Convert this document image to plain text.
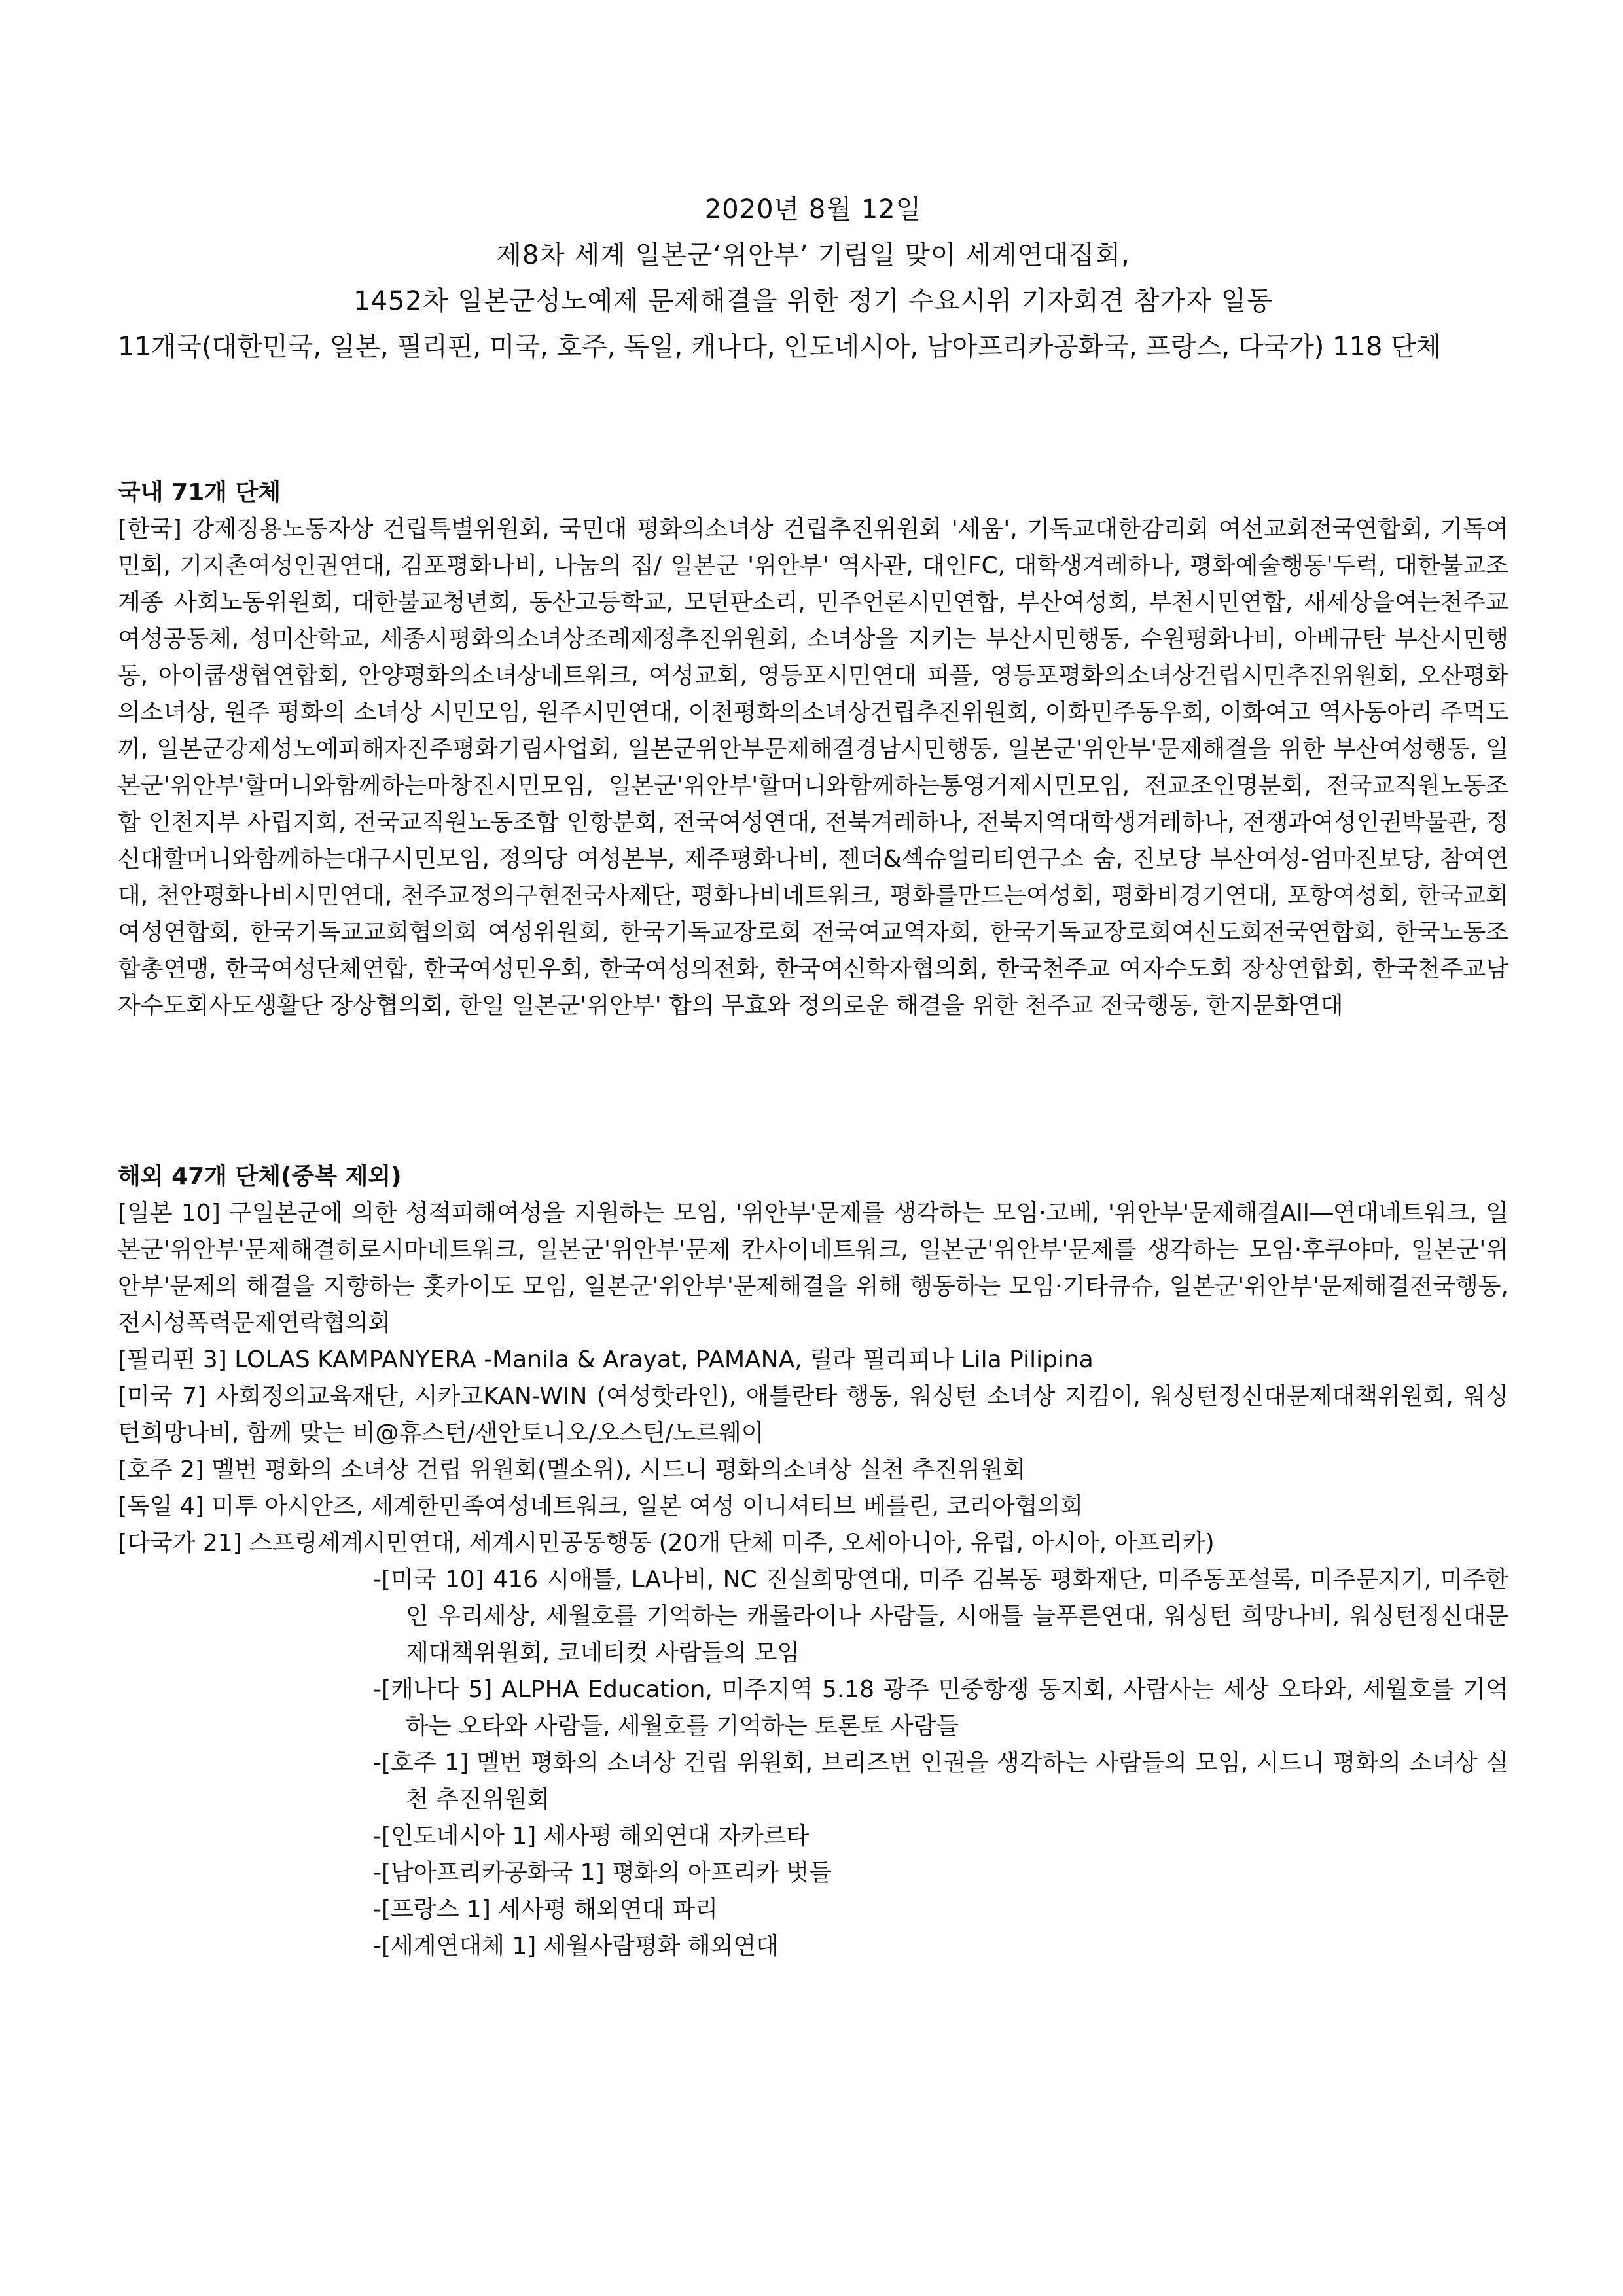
2020년 8월 12일
제8차 세계 일본군‘위안부’ 기림일 맞이 세계연대집회,
1452차 일본군성노예제 문제해결을 위한 정기 수요시위 기자회견 참가자 일동
11개국(대한민국, 일본, 필리핀, 미국, 호주, 독일, 캐나다, 인도네시아, 남아프리카공화국, 프랑스, 다국가) 118 단체
국내 71개 단체

[한국] 강제징용노동자상 건립특별위원회, 국민대 평화의소녀상 건립추진위원회 '세움', 기독교대한감리회 여선교회전국연합회, 기독여민회, 기지촌여성인권연대, 김포평화나비, 나눔의 집/ 일본군 '위안부' 역사관, 대인FC, 대학생겨레하나, 평화예술행동'두럭, 대한불교조계종 사회노동위원회, 대한불교청년회, 동산고등학교, 모던판소리, 민주언론시민연합, 부산여성회, 부천시민연합, 새세상을여는천주교 여성공동체, 성미산학교, 세종시평화의소녀상조례제정추진위원회, 소녀상을 지키는 부산시민행동, 수원평화나비, 아베규탄 부산시민행동, 아이쿱생협연합회, 안양평화의소녀상네트워크, 여성교회, 영등포시민연대 피플, 영등포평화의소녀상건립시민추진위원회, 오산평화의소녀상, 원주 평화의 소녀상 시민모임, 원주시민연대, 이천평화의소녀상건립추진위원회, 이화민주동우회, 이화여고 역사동아리 주먹도끼, 일본군강제성노예피해자진주평화기림사업회, 일본군위안부문제해결경남시민행동, 일본군'위안부'문제해결을 위한 부산여성행동, 일본군'위안부'할머니와함께하는마창진시민모임, 일본군'위안부'할머니와함께하는통영거제시민모임, 전교조인명분회, 전국교직원노동조합 인천지부 사립지회, 전국교직원노동조합 인항분회, 전국여성연대, 전북겨레하나, 전북지역대학생겨레하나, 전쟁과여성인권박물관, 정신대할머니와함께하는대구시민모임, 정의당 여성본부, 제주평화나비, 젠더&섹슈얼리티연구소 숨, 진보당 부산여성-엄마진보당, 참여연대, 천안평화나비시민연대, 천주교정의구현전국사제단, 평화나비네트워크, 평화를만드는여성회, 평화비경기연대, 포항여성회, 한국교회여성연합회, 한국기독교교회협의회 여성위원회, 한국기독교장로회 전국여교역자회, 한국기독교장로회여신도회전국연합회, 한국노동조합총연맹, 한국여성단체연합, 한국여성민우회, 한국여성의전화, 한국여신학자협의회, 한국천주교 여자수도회 장상연합회, 한국천주교남자수도회사도생활단 장상협의회, 한일 일본군'위안부' 합의 무효와 정의로운 해결을 위한 천주교 전국행동, 한지문화연대

해외 47개 단체(중복 제외)

[일본 10] 구일본군에 의한 성적피해여성을 지원하는 모임, '위안부'문제를 생각하는 모임·고베, '위안부'문제해결All―연대네트워크, 일본군'위안부'문제해결히로시마네트워크, 일본군'위안부'문제 칸사이네트워크, 일본군'위안부'문제를 생각하는 모임·후쿠야마, 일본군'위안부'문제의 해결을 지향하는 홋카이도 모임, 일본군'위안부'문제해결을 위해 행동하는 모임·기타큐슈, 일본군'위안부'문제해결전국행동, 전시성폭력문제연락협의회

[필리핀 3] LOLAS KAMPANYERA -Manila & Arayat, PAMANA, 릴라 필리피나 Lila Pilipina

[미국 7] 사회정의교육재단, 시카고KAN-WIN (여성핫라인), 애틀란타 행동, 워싱턴 소녀상 지킴이, 워싱턴정신대문제대책위원회, 워싱턴희망나비, 함께 맞는 비@휴스턴/샌안토니오/오스틴/노르웨이

[호주 2] 멜번 평화의 소녀상 건립 위원회(멜소위), 시드니 평화의소녀상 실천 추진위원회

[독일 4] 미투 아시안즈, 세계한민족여성네트워크, 일본 여성 이니셔티브 베를린, 코리아협의회

[다국가 21] 스프링세계시민연대, 세계시민공동행동 (20개 단체 미주, 오세아니아, 유럽, 아시아, 아프리카)

-[미국 10] 416 시애틀, LA나비, NC 진실희망연대, 미주 김복동 평화재단, 미주동포설록, 미주문지기, 미주한인 우리세상, 세월호를 기억하는 캐롤라이나 사람들, 시애틀 늘푸른연대, 워싱턴 희망나비, 워싱턴정신대문제대책위원회, 코네티컷 사람들의 모임
-[캐나다 5] ALPHA Education, 미주지역 5.18 광주 민중항쟁 동지회, 사람사는 세상 오타와, 세월호를 기억하는 오타와 사람들, 세월호를 기억하는 토론토 사람들
-[호주 1] 멜번 평화의 소녀상 건립 위원회, 브리즈번 인권을 생각하는 사람들의 모임, 시드니 평화의 소녀상 실천 추진위원회
-[인도네시아 1] 세사평 해외연대 자카르타
-[남아프리카공화국 1] 평화의 아프리카 벗들
-[프랑스 1] 세사평 해외연대 파리
-[세계연대체 1] 세월사람평화 해외연대
